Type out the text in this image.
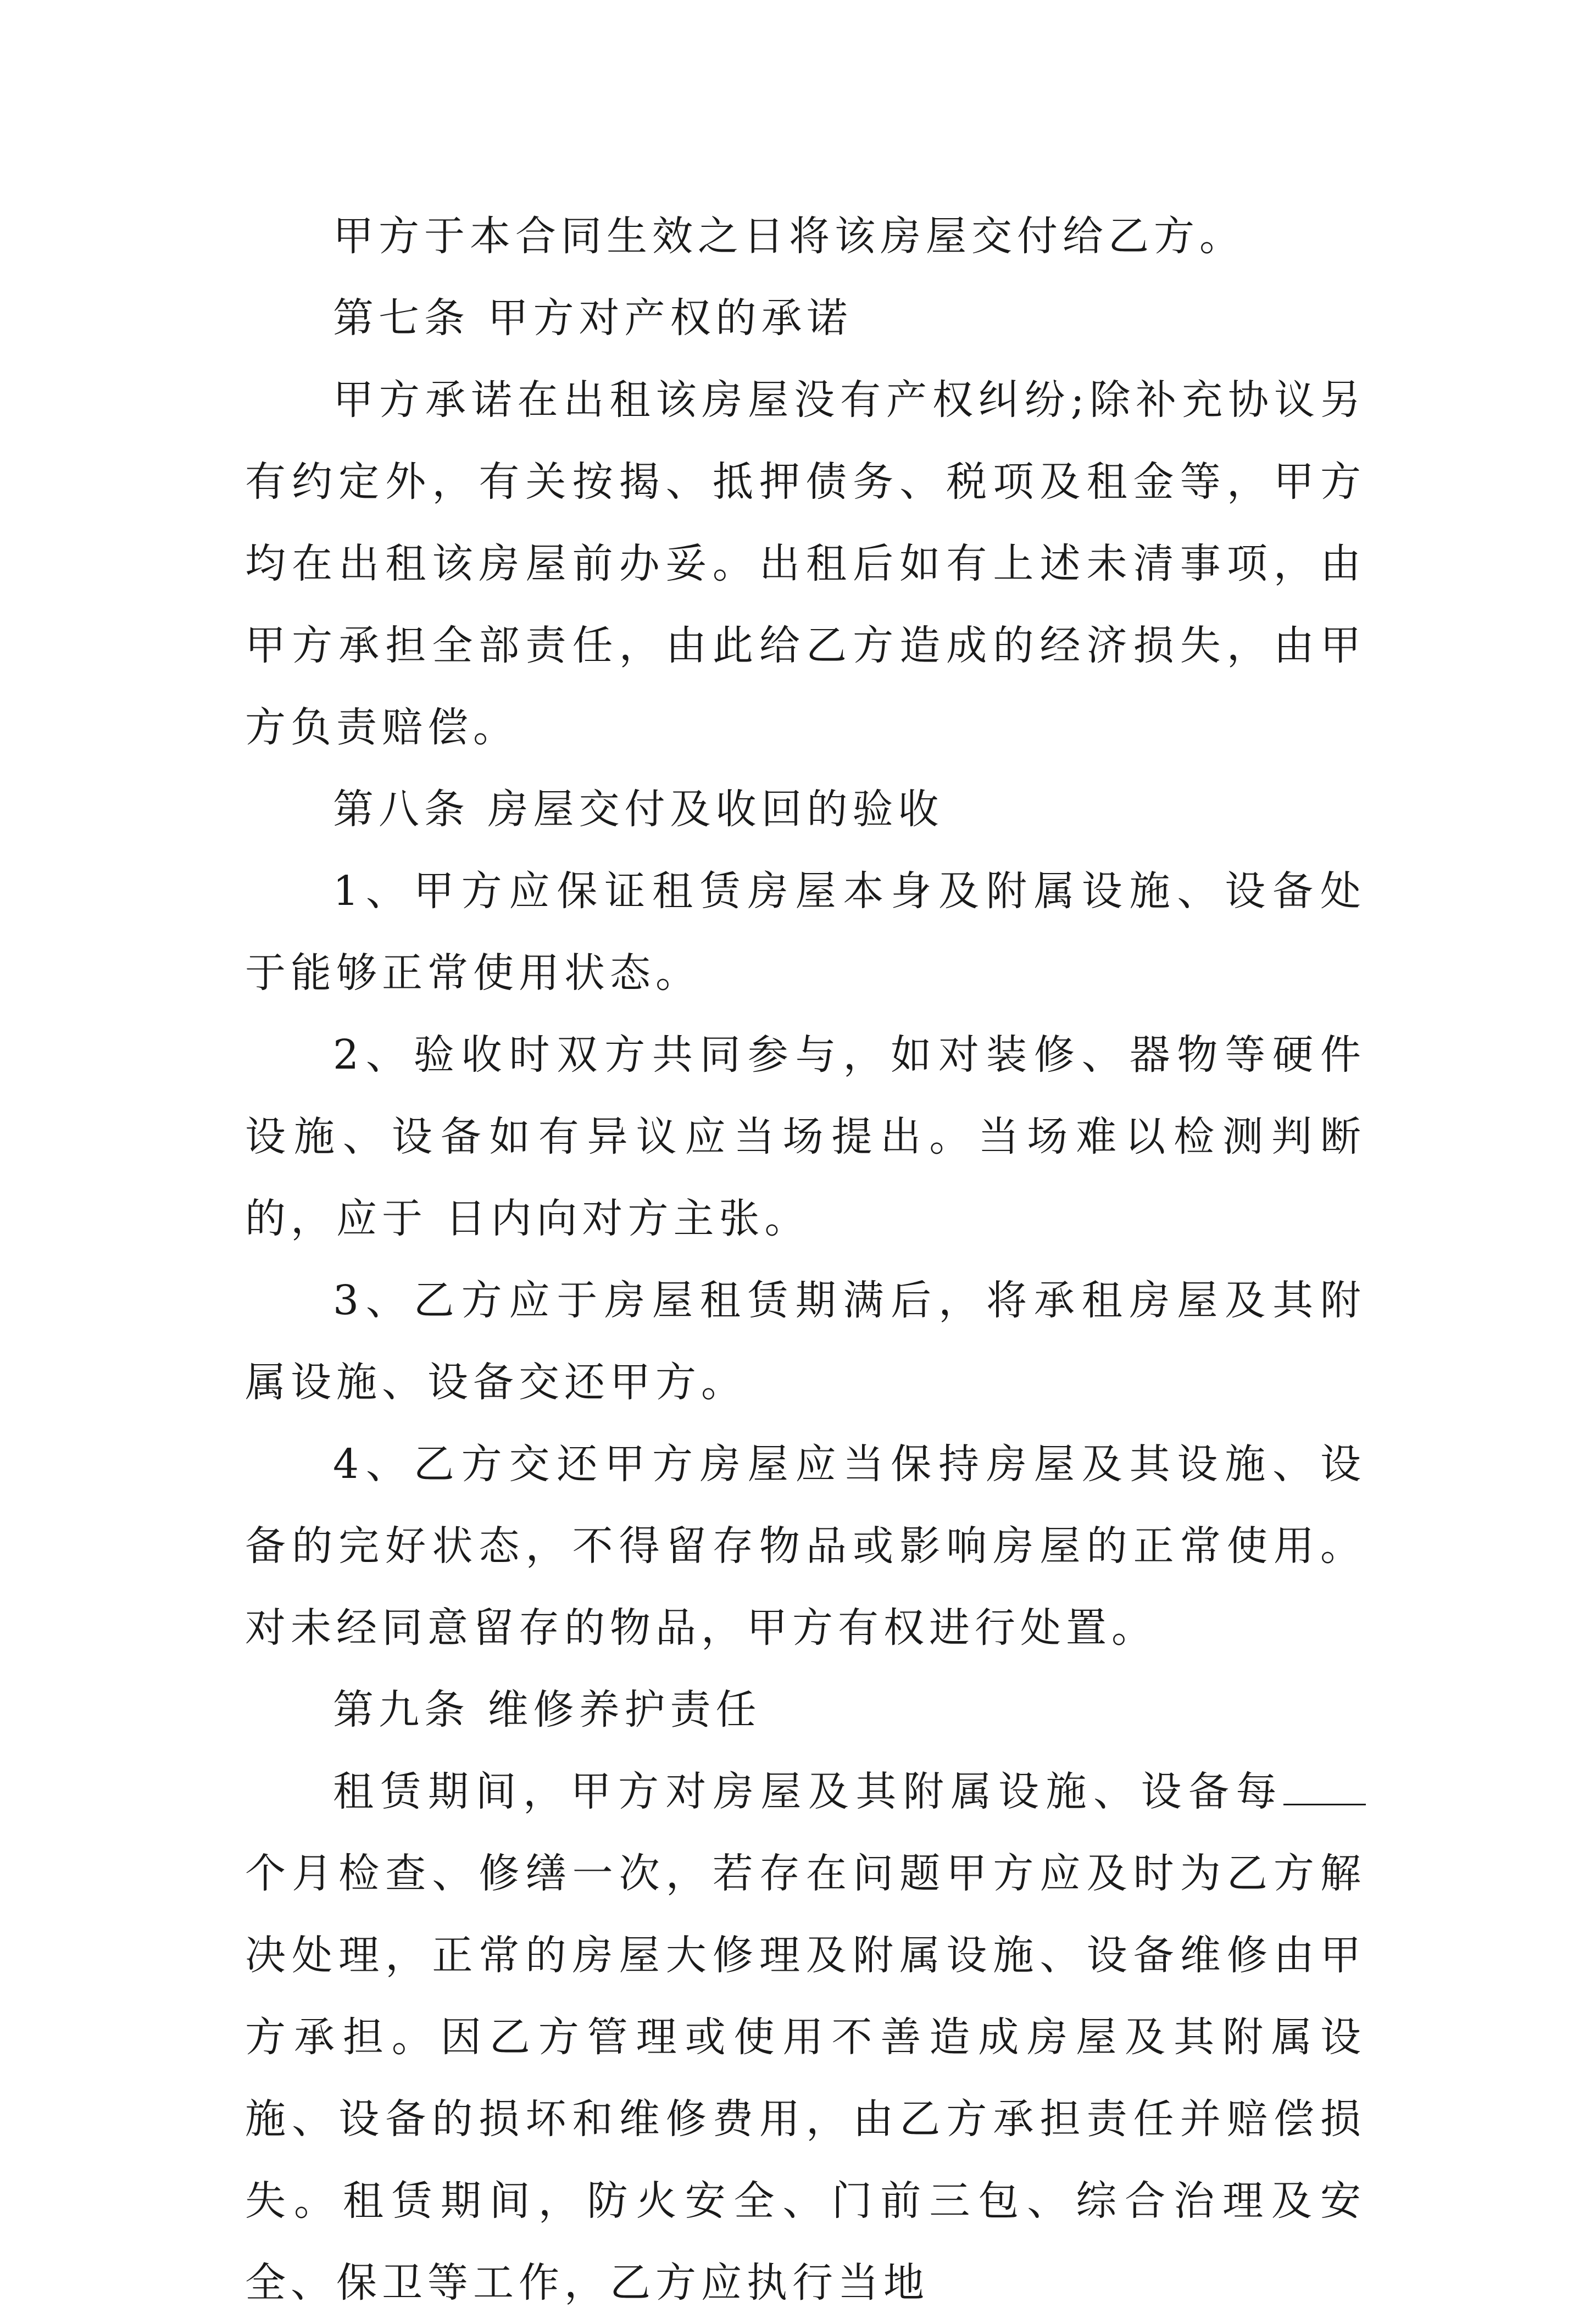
甲方于本合同生效之日将该房屋交付给乙方。

第七条 甲方对产权的承诺

甲方承诺在出租该房屋没有产权纠纷;除补充协议另有约定外，有关按揭、抵押债务、税项及租金等，甲方均在出租该房屋前办妥。出租后如有上述未清事项，由甲方承担全部责任，由此给乙方造成的经济损失，由甲方负责赔偿。

第八条 房屋交付及收回的验收

1、甲方应保证租赁房屋本身及附属设施、设备处于能够正常使用状态。

2、验收时双方共同参与，如对装修、器物等硬件设施、设备如有异议应当场提出。当场难以检测判断的，应于 日内向对方主张。

3、乙方应于房屋租赁期满后，将承租房屋及其附属设施、设备交还甲方。

4、乙方交还甲方房屋应当保持房屋及其设施、设备的完好状态，不得留存物品或影响房屋的正常使用。对未经同意留存的物品，甲方有权进行处置。

第九条 维修养护责任

租赁期间，甲方对房屋及其附属设施、设备每个月检查、修缮一次，若存在问题甲方应及时为乙方解决处理，正常的房屋大修理及附属设施、设备维修由甲方承担。因乙方管理或使用不善造成房屋及其附属设施、设备的损坏和维修费用，由乙方承担责任并赔偿损失。租赁期间，防火安全、门前三包、综合治理及安全、保卫等工作，乙方应执行当地
